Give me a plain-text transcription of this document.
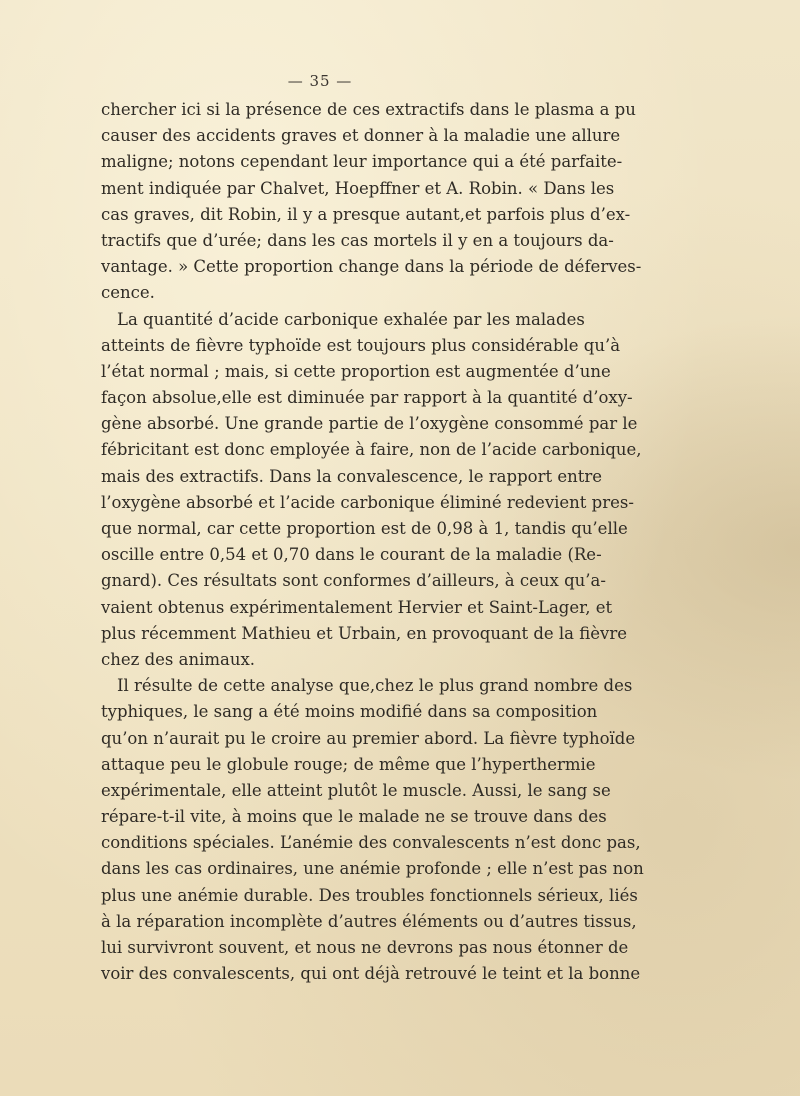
— 35 —
chercher ici si la présence de ces extractifs dans le plasma a pu
causer des accidents graves et donner à la maladie une allure
maligne; notons cependant leur importance qui a été parfaite-
ment indiquée par Chalvet, Hoepffner et A. Robin. « Dans les
cas graves, dit Robin, il y a presque autant,et parfois plus d’ex-
tractifs que d’urée; dans les cas mortels il y en a toujours da-
vantage. » Cette proportion change dans la période de déferves-
cence.
La quantité d’acide carbonique exhalée par les malades
atteints de fièvre typhoïde est toujours plus considérable qu’à
l’état normal ; mais, si cette proportion est augmentée d’une
façon absolue,elle est diminuée par rapport à la quantité d’oxy-
gène absorbé. Une grande partie de l’oxygène consommé par le
fébricitant est donc employée à faire, non de l’acide carbonique,
mais des extractifs. Dans la convalescence, le rapport entre
l’oxygène absorbé et l’acide carbonique éliminé redevient pres-
que normal, car cette proportion est de 0,98 à 1, tandis qu’elle
oscille entre 0,54 et 0,70 dans le courant de la maladie (Re-
gnard). Ces résultats sont conformes d’ailleurs, à ceux qu’a-
vaient obtenus expérimentalement Hervier et Saint-Lager, et
plus récemment Mathieu et Urbain, en provoquant de la fièvre
chez des animaux.
Il résulte de cette analyse que,chez le plus grand nombre des
typhiques, le sang a été moins modifié dans sa composition
qu’on n’aurait pu le croire au premier abord. La fièvre typhoïde
attaque peu le globule rouge; de même que l’hyperthermie
expérimentale, elle atteint plutôt le muscle. Aussi, le sang se
répare-t-il vite, à moins que le malade ne se trouve dans des
conditions spéciales. L’anémie des convalescents n’est donc pas,
dans les cas ordinaires, une anémie profonde ; elle n’est pas non
plus une anémie durable. Des troubles fonctionnels sérieux, liés
à la réparation incomplète d’autres éléments ou d’autres tissus,
lui survivront souvent, et nous ne devrons pas nous étonner de
voir des convalescents, qui ont déjà retrouvé le teint et la bonne
